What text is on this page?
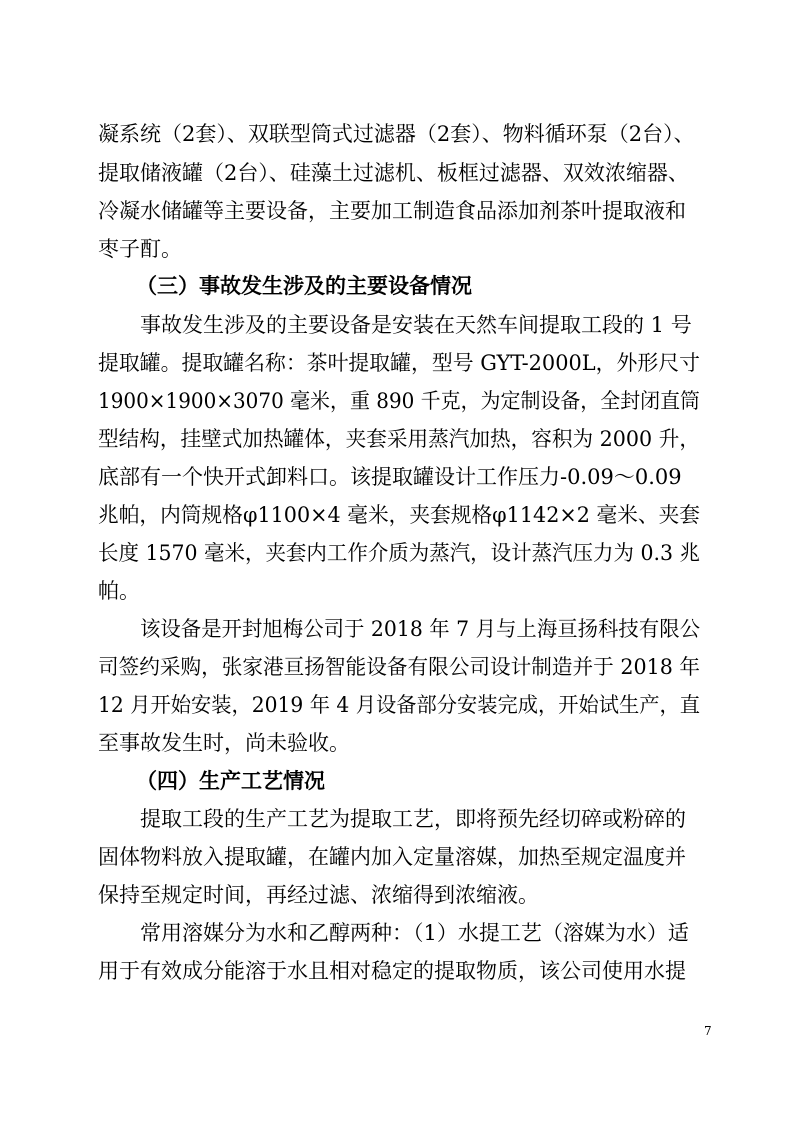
凝系统（2套）、双联型筒式过滤器（2套）、物料循环泵（2台）、
提取储液罐（2台）、硅藻土过滤机、板框过滤器、双效浓缩器、
冷凝水储罐等主要设备，主要加工制造食品添加剂茶叶提取液和
枣子酊。
（三）事故发生涉及的主要设备情况
事故发生涉及的主要设备是安装在天然车间提取工段的 1 号
提取罐。提取罐名称：茶叶提取罐，型号 GYT-2000L，外形尺寸
1900×1900×3070 毫米，重 890 千克，为定制设备，全封闭直筒
型结构，挂壁式加热罐体，夹套采用蒸汽加热，容积为 2000 升，
底部有一个快开式卸料口。该提取罐设计工作压力-0.09～0.09
兆帕，内筒规格φ1100×4 毫米，夹套规格φ1142×2 毫米、夹套
长度 1570 毫米，夹套内工作介质为蒸汽，设计蒸汽压力为 0.3 兆
帕。
该设备是开封旭梅公司于 2018 年 7 月与上海亘扬科技有限公
司签约采购，张家港亘扬智能设备有限公司设计制造并于 2018 年
12 月开始安装，2019 年 4 月设备部分安装完成，开始试生产，直
至事故发生时，尚未验收。
（四）生产工艺情况
提取工段的生产工艺为提取工艺，即将预先经切碎或粉碎的
固体物料放入提取罐，在罐内加入定量溶媒，加热至规定温度并
保持至规定时间，再经过滤、浓缩得到浓缩液。
常用溶媒分为水和乙醇两种：（1）水提工艺（溶媒为水）适
用于有效成分能溶于水且相对稳定的提取物质，该公司使用水提
7
